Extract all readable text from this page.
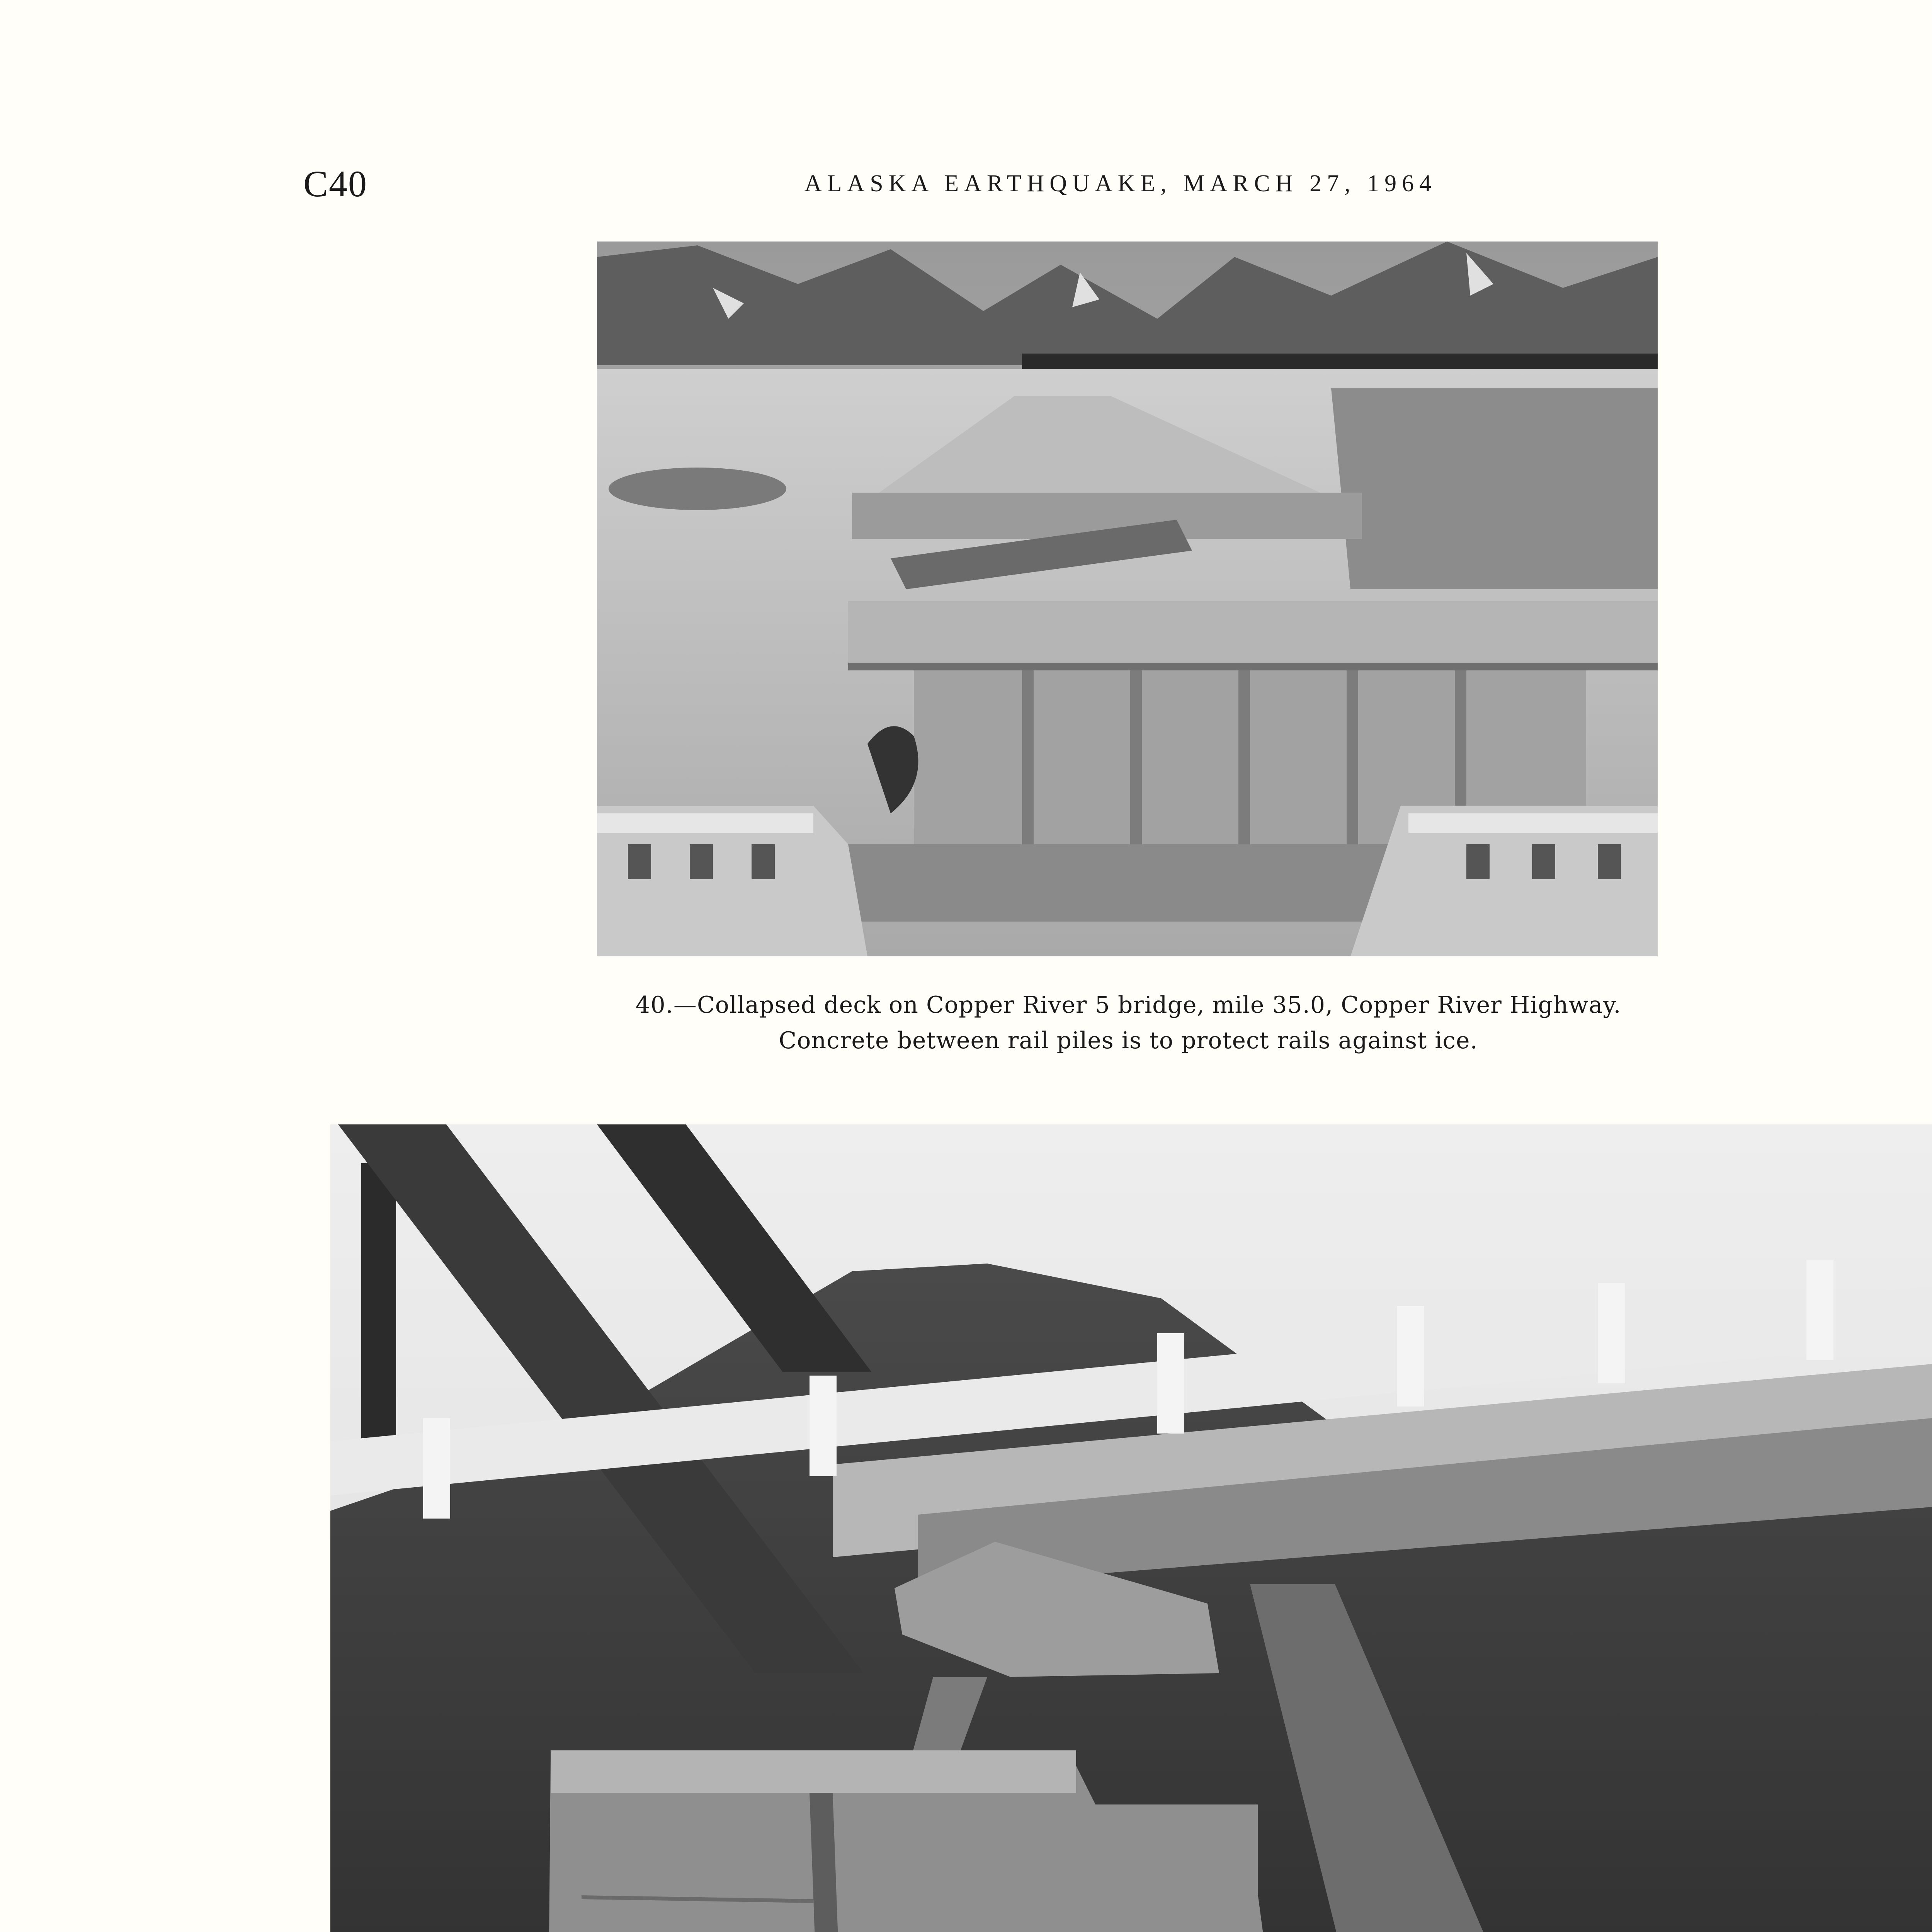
C40	ALASKA EARTHQUAKE, MARCH 27, 1964
40.—Collapsed deck on Copper River 5 bridge, mile 35.0, Copper River Highway.
Concrete between rail piles is to protect rails against ice.
